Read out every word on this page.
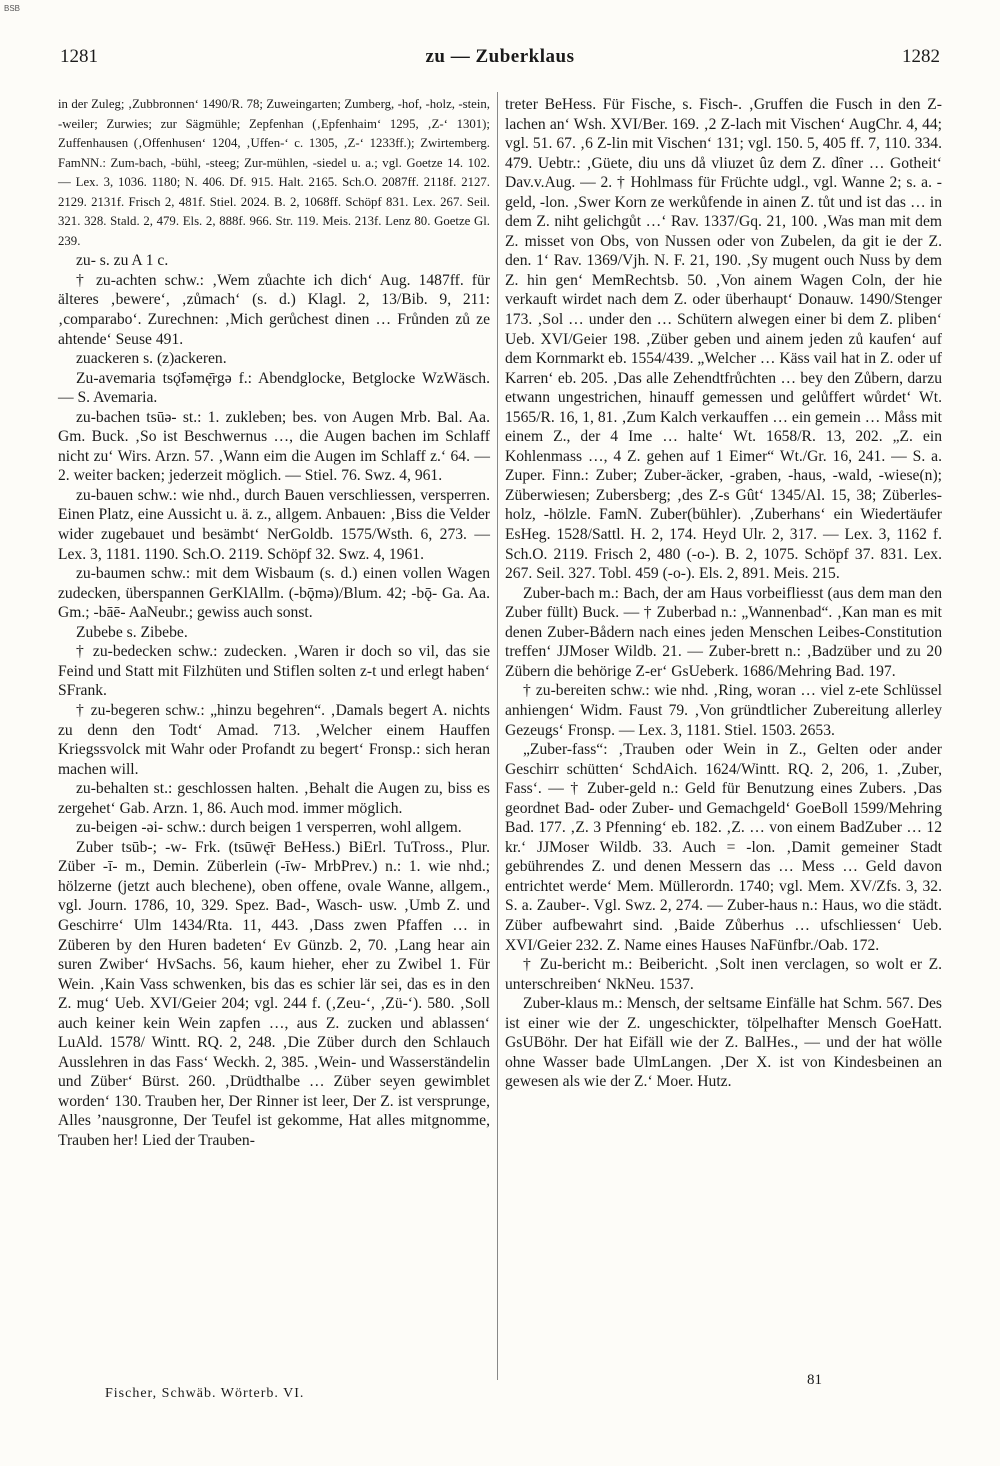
BSB
1281	zu — Zuberklaus	1282

in der Zuleg; ‚Zubbronnen‘ 1490/R. 78; Zuweingarten; Zumberg, -hof, -holz, -stein, -weiler; Zurwies; zur Sägmühle; Zepfenhan (‚Epfenhaim‘ 1295, ‚Z-‘ 1301); Zuffenhausen (‚Offenhusen‘ 1204, ‚Uffen-‘ c. 1305, ‚Z-‘ 1233ff.); Zwirtemberg. FamNN.: Zum-bach, -bühl, -steeg; Zur-mühlen, -siedel u. a.; vgl. Goetze 14. 102. — Lex. 3, 1036. 1180; N. 406. Df. 915. Halt. 2165. Sch.O. 2087ff. 2118f. 2127. 2129. 2131f. Frisch 2, 481f. Stiel. 2024. B. 2, 1068ff. Schöpf 831. Lex. 267. Seil. 321. 328. Stald. 2, 479. Els. 2, 888f. 966. Str. 119. Meis. 213f. Lenz 80. Goetze Gl. 239.

zu- s. zu A 1 c.

† zu-achten schw.: ‚Wem zůachte ich dich‘ Aug. 1487ff. für älteres ‚bewere‘, ‚zůmach‘ (s. d.) Klagl. 2, 13/Bib. 9, 211: ‚comparabo‘. Zurechnen: ‚Mich gerůchest dinen … Frůnden zů ze ahtende‘ Seuse 491.

zuackeren s. (z)ackeren.

Zu-avemaria tsǫ̈fəmę̄rgə f.: Abendglocke, Betglocke WzWäsch. — S. Avemaria.

zu-bachen tsūə- st.: 1. zukleben; bes. von Augen Mrb. Bal. Aa. Gm. Buck. ‚So ist Beschwernus …, die Augen bachen im Schlaff nicht zu‘ Wirs. Arzn. 57. ‚Wann eim die Augen im Schlaff z.‘ 64. — 2. weiter backen; jederzeit möglich. — Stiel. 76. Swz. 4, 961.

zu-bauen schw.: wie nhd., durch Bauen verschliessen, versperren. Einen Platz, eine Aussicht u. ä. z., allgem. Anbauen: ‚Biss die Velder wider zugebauet und besämbt‘ NerGoldb. 1575/Wsth. 6, 273. — Lex. 3, 1181. 1190. Sch.O. 2119. Schöpf 32. Swz. 4, 1961.

zu-baumen schw.: mit dem Wisbaum (s. d.) einen vollen Wagen zudecken, überspannen GerKlAllm. (-bǭmə)/Blum. 42; -bǭ- Ga. Aa. Gm.; -bāē- AaNeubr.; gewiss auch sonst.

Zubebe s. Zibebe.

† zu-bedecken schw.: zudecken. ‚Waren ir doch so vil, das sie Feind und Statt mit Filzhüten und Stiflen solten z-t und erlegt haben‘ SFrank.

† zu-begeren schw.: „hinzu begehren“. ‚Damals begert A. nichts zu denn den Todt‘ Amad. 713. ‚Welcher einem Hauffen Kriegssvolck mit Wahr oder Profandt zu begert‘ Fronsp.: sich heran machen will.

zu-behalten st.: geschlossen halten. ‚Behalt die Augen zu, biss es zergehet‘ Gab. Arzn. 1, 86. Auch mod. immer möglich.

zu-beigen -əi- schw.: durch beigen 1 versperren, wohl allgem.

Zuber tsūb-; -w- Frk. (tsūwę̄r BeHess.) BiErl. TuTross., Plur. Züber -ī- m., Demin. Züberlein (-īw- MrbPrev.) n.: 1. wie nhd.; hölzerne (jetzt auch blechene), oben offene, ovale Wanne, allgem., vgl. Journ. 1786, 10, 329. Spez. Bad-, Wasch- usw. ‚Umb Z. und Geschirre‘ Ulm 1434/Rta. 11, 443. ‚Dass zwen Pfaffen … in Züberen by den Huren badeten‘ Ev Günzb. 2, 70. ‚Lang hear ain suren Zwiber‘ HvSachs. 56, kaum hieher, eher zu Zwibel 1. Für Wein. ‚Kain Vass schwenken, bis das es schier lär sei, das es in den Z. mug‘ Ueb. XVI/Geier 204; vgl. 244 f. (‚Zeu-‘, ‚Zü-‘). 580. ‚Soll auch keiner kein Wein zapfen …, aus Z. zucken und ablassen‘ LuAld. 1578/ Wintt. RQ. 2, 248. ‚Die Züber durch den Schlauch Ausslehren in das Fass‘ Weckh. 2, 385. ‚Wein- und Wasserständelin und Züber‘ Bürst. 260. ‚Drüdthalbe … Züber seyen gewimblet worden‘ 130. Trauben her, Der Rinner ist leer, Der Z. ist versprunge, Alles ’nausgronne, Der Teufel ist gekomme, Hat alles mitgnomme, Trauben her! Lied der Trauben-

treter BeHess. Für Fische, s. Fisch-. ‚Gruffen die Fusch in den Z-lachen an‘ Wsh. XVI/Ber. 169. ‚2 Z-lach mit Vischen‘ AugChr. 4, 44; vgl. 51. 67. ‚6 Z-lin mit Vischen‘ 131; vgl. 150. 5, 405 ff. 7, 110. 334. 479. Uebtr.: ‚Güete, diu uns då vliuzet ûz dem Z. dîner … Gotheit‘ Dav.v.Aug. — 2. † Hohlmass für Früchte udgl., vgl. Wanne 2; s. a. -geld, -lon. ‚Swer Korn ze werkůfende in ainen Z. tůt und ist das … in dem Z. niht gelichgůt …‘ Rav. 1337/Gq. 21, 100. ‚Was man mit dem Z. misset von Obs, von Nussen oder von Zubelen, da git ie der Z. den. 1‘ Rav. 1369/Vjh. N. F. 21, 190. ‚Sy mugent ouch Nuss by dem Z. hin gen‘ MemRechtsb. 50. ‚Von ainem Wagen Coln, der hie verkauft wirdet nach dem Z. oder überhaupt‘ Donauw. 1490/Stenger 173. ‚Sol … under den … Schütern alwegen einer bi dem Z. pliben‘ Ueb. XVI/Geier 198. ‚Züber geben und ainem jeden zů kaufen‘ auf dem Kornmarkt eb. 1554/439. „Welcher … Käss vail hat in Z. oder uf Karren‘ eb. 205. ‚Das alle Zehendtfrůchten … bey den Zůbern, darzu etwann ungestrichen, hinauff gemessen und gelůffert wůrdet‘ Wt. 1565/R. 16, 1, 81. ‚Zum Kalch verkauffen … ein gemein … Måss mit einem Z., der 4 Ime … halte‘ Wt. 1658/R. 13, 202. „Z. ein Kohlenmass …, 4 Z. gehen auf 1 Eimer“ Wt./Gr. 16, 241. — S. a. Zuper. Finn.: Zuber; Zuber-äcker, -graben, -haus, -wald, -wiese(n); Züberwiesen; Zubersberg; ‚des Z-s Gût‘ 1345/Al. 15, 38; Züberles-holz, -hölzle. FamN. Zuber(bühler). ‚Zuberhans‘ ein Wiedertäufer EsHeg. 1528/Sattl. H. 2, 174. Heyd Ulr. 2, 317. — Lex. 3, 1162 f. Sch.O. 2119. Frisch 2, 480 (-o-). B. 2, 1075. Schöpf 37. 831. Lex. 267. Seil. 327. Tobl. 459 (-o-). Els. 2, 891. Meis. 215.

Zuber-bach m.: Bach, der am Haus vorbeifliesst (aus dem man den Zuber füllt) Buck. — † Zuberbad n.: „Wannenbad“. ‚Kan man es mit denen Zuber-Bådern nach eines jeden Menschen Leibes-Constitution treffen‘ JJMoser Wildb. 21. — Zuber-brett n.: ‚Badzüber und zu 20 Zübern die behörige Z-er‘ GsUeberk. 1686/Mehring Bad. 197.

† zu-bereiten schw.: wie nhd. ‚Ring, woran … viel z-ete Schlüssel anhiengen‘ Widm. Faust 79. ‚Von gründtlicher Zubereitung allerley Gezeugs‘ Fronsp. — Lex. 3, 1181. Stiel. 1503. 2653.

„Zuber-fass“: ‚Trauben oder Wein in Z., Gelten oder ander Geschirr schütten‘ SchdAich. 1624/Wintt. RQ. 2, 206, 1. ‚Zuber, Fass‘. — † Zuber-geld n.: Geld für Benutzung eines Zubers. ‚Das geordnet Bad- oder Zuber- und Gemachgeld‘ GoeBoll 1599/Mehring Bad. 177. ‚Z. 3 Pfenning‘ eb. 182. ‚Z. … von einem BadZuber … 12 kr.‘ JJMoser Wildb. 33. Auch = -lon. ‚Damit gemeiner Stadt gebührendes Z. und denen Messern das … Mess … Geld davon entrichtet werde‘ Mem. Müllerordn. 1740; vgl. Mem. XV/Zfs. 3, 32. S. a. Zauber-. Vgl. Swz. 2, 274. — Zuber-haus n.: Haus, wo die städt. Züber aufbewahrt sind. ‚Baide Zůberhus … ufschliessen‘ Ueb. XVI/Geier 232. Z. Name eines Hauses NaFünfbr./Oab. 172.

† Zu-bericht m.: Beibericht. ‚Solt inen verclagen, so wolt er Z. unterschreiben‘ NkNeu. 1537.

Zuber-klaus m.: Mensch, der seltsame Einfälle hat Schm. 567. Des ist einer wie der Z. ungeschickter, tölpelhafter Mensch GoeHatt. GsUBöhr. Der hat Eifäll wie der Z. BalHes., — und der hat wölle ohne Wasser bade UlmLangen. ‚Der X. ist von Kindesbeinen an gewesen als wie der Z.‘ Moer. Hutz.

Fischer, Schwäb. Wörterb. VI.
81
